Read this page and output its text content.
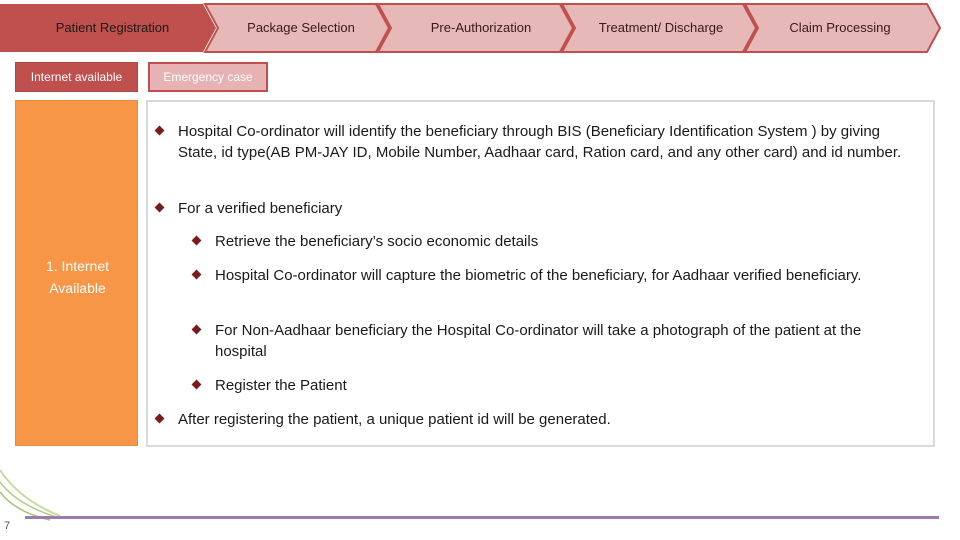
Patient Registration	Package Selection	Pre-Authorization	Treatment/ Discharge	Claim Processing
Internet available	Emergency case
1. Internet
Available
Hospital Co-ordinator will identify the beneficiary through BIS (Beneficiary Identification System ) by giving State, id type(AB PM-JAY ID, Mobile Number, Aadhaar card, Ration card, and any other card) and id number.
For a verified beneficiary
Retrieve the beneficiary’s socio economic details
Hospital Co-ordinator will capture the biometric of the beneficiary, for Aadhaar verified beneficiary.
For Non-Aadhaar beneficiary the Hospital Co-ordinator will take a photograph of the patient at the hospital
Register the Patient
After registering the patient, a unique patient id will be generated.
7
